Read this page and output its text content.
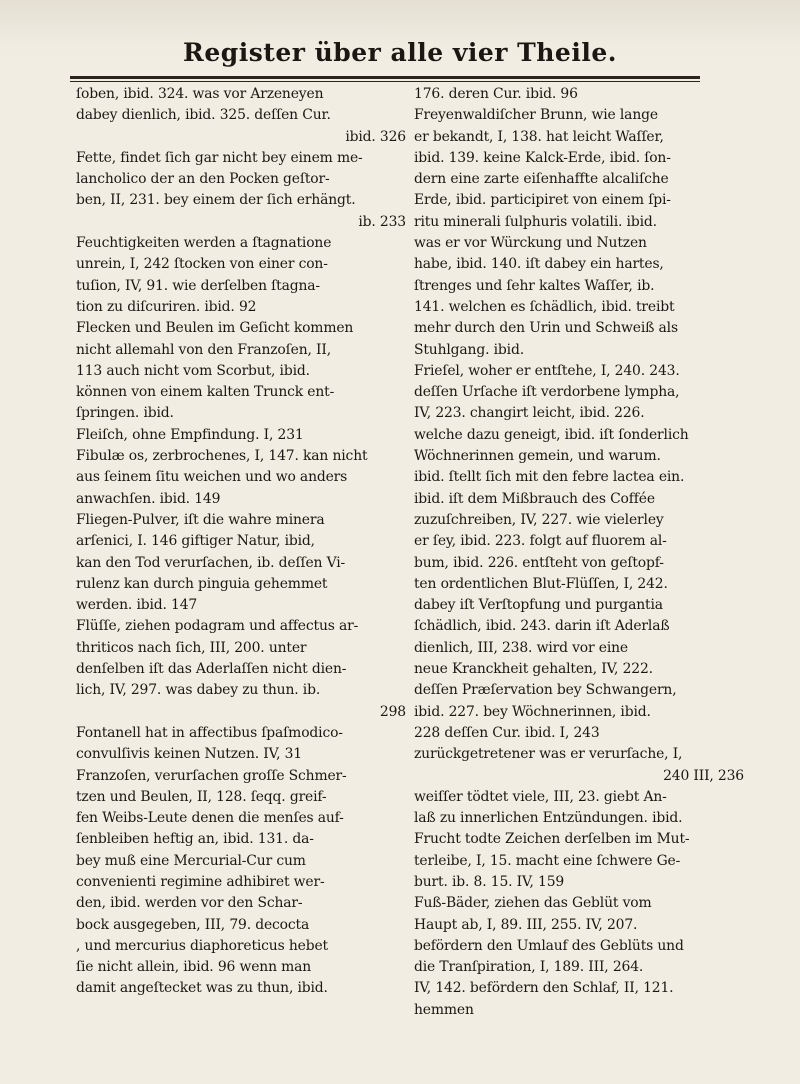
Register über alle vier Theile.

ſoben, ibid. 324. was vor Arzeneyen

dabey dienlich, ibid. 325. deſſen Cur.

ibid. 326

Fette, findet ſich gar nicht bey einem me-

lancholico der an den Pocken geſtor-

ben, II, 231. bey einem der ſich erhängt.

ib. 233

Feuchtigkeiten werden a ſtagnatione

unrein, I, 242 ſtocken von einer con-

tuſion, IV, 91. wie derſelben ſtagna-

tion zu diſcuriren. ibid. 92

Flecken und Beulen im Geſicht kommen

nicht allemahl von den Franzoſen, II,

113 auch nicht vom Scorbut, ibid.

können von einem kalten Trunck ent-

ſpringen. ibid.

Fleiſch, ohne Empfindung. I, 231

Fibulæ os, zerbrochenes, I, 147. kan nicht

aus ſeinem ſitu weichen und wo anders

anwachſen. ibid. 149

Fliegen-Pulver, iſt die wahre minera

arſenici, I. 146 giftiger Natur, ibid,

kan den Tod verurſachen, ib. deſſen Vi-

rulenz kan durch pinguia gehemmet

werden. ibid. 147

Flüſſe, ziehen podagram und affectus ar-

thriticos nach ſich, III, 200. unter

denſelben iſt das Aderlaſſen nicht dien-

lich, IV, 297. was dabey zu thun. ib.

298

Fontanell hat in affectibus ſpaſmodico-

convulſivis keinen Nutzen. IV, 31

Franzoſen, verurſachen groſſe Schmer-

tzen und Beulen, II, 128. ſeqq. greif-

fen Weibs-Leute denen die menſes auf-

ſenbleiben heftig an, ibid. 131. da-

bey muß eine Mercurial-Cur cum

convenienti regimine adhibiret wer-

den, ibid. werden vor den Schar-

bock ausgegeben, III, 79. decocta

, und mercurius diaphoreticus hebet

ſie nicht allein, ibid. 96 wenn man

damit angeſtecket was zu thun, ibid.

176. deren Cur. ibid. 96

Freyenwaldiſcher Brunn, wie lange

er bekandt, I, 138. hat leicht Waſſer,

ibid. 139. keine Kalck-Erde, ibid. ſon-

dern eine zarte eiſenhaffte alcaliſche

Erde, ibid. participiret von einem ſpi-

ritu minerali ſulphuris volatili. ibid.

was er vor Würckung und Nutzen

habe, ibid. 140. iſt dabey ein hartes,

ſtrenges und ſehr kaltes Waſſer, ib.

141. welchen es ſchädlich, ibid. treibt

mehr durch den Urin und Schweiß als

Stuhlgang. ibid.

Frieſel, woher er entſtehe, I, 240. 243.

deſſen Urſache iſt verdorbene lympha,

IV, 223. changirt leicht, ibid. 226.

welche dazu geneigt, ibid. iſt ſonderlich

Wöchnerinnen gemein, und warum.

ibid. ſtellt ſich mit den febre lactea ein.

ibid. iſt dem Mißbrauch des Coffée

zuzuſchreiben, IV, 227. wie vielerley

er ſey, ibid. 223. folgt auf fluorem al-

bum, ibid. 226. entſteht von geſtopf-

ten ordentlichen Blut-Flüſſen, I, 242.

dabey iſt Verſtopfung und purgantia

ſchädlich, ibid. 243. darin iſt Aderlaß

dienlich, III, 238. wird vor eine

neue Kranckheit gehalten, IV, 222.

deſſen Præſervation bey Schwangern,

ibid. 227. bey Wöchnerinnen, ibid.

228 deſſen Cur. ibid. I, 243

zurückgetretener was er verurſache, I,

240 III, 236

weiſſer tödtet viele, III, 23. giebt An-

laß zu innerlichen Entzündungen. ibid.

Frucht todte Zeichen derſelben im Mut-

terleibe, I, 15. macht eine ſchwere Ge-

burt. ib. 8. 15. IV, 159

Fuß-Bäder, ziehen das Geblüt vom

Haupt ab, I, 89. III, 255. IV, 207.

befördern den Umlauf des Geblüts und

die Tranſpiration, I, 189. III, 264.

IV, 142. befördern den Schlaf, II, 121.

hemmen
